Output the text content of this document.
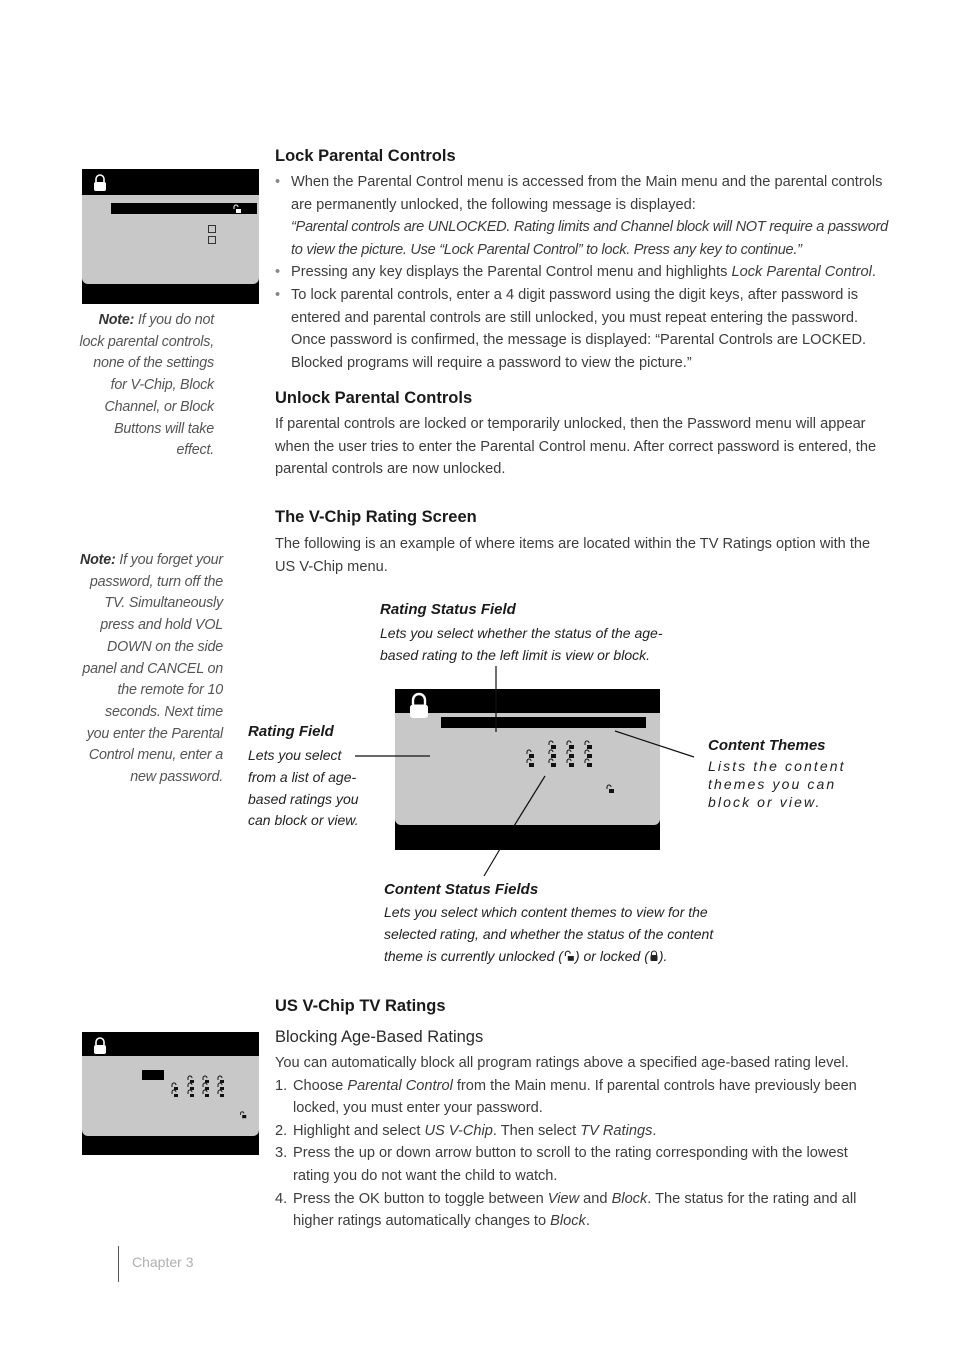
Note: If you do not lock parental controls, none of the settings for V-Chip, Block Channel, or Block Buttons will take effect.
Note: If you forget your password, turn off the TV. Simultaneously press and hold VOL DOWN on the side panel and CANCEL on the remote for 10 seconds. Next time you enter the Parental Control menu, enter a new password.
Lock Parental Controls
• When the Parental Control menu is accessed from the Main menu and the parental controls are permanently unlocked, the following message is displayed:
“Parental controls are UNLOCKED. Rating limits and Channel block will NOT require a password to view the picture. Use “Lock Parental Control” to lock. Press any key to continue.”
• Pressing any key displays the Parental Control menu and highlights Lock Parental Control.
• To lock parental controls, enter a 4 digit password using the digit keys, after password is entered and parental controls are still unlocked, you must repeat entering the password. Once password is confirmed, the message is displayed: “Parental Controls are LOCKED. Blocked programs will require a password to view the picture.”
Unlock Parental Controls

If parental controls are locked or temporarily unlocked, then the Password menu will appear when the user tries to enter the Parental Control menu. After correct password is entered, the parental controls are now unlocked.

The V-Chip Rating Screen

The following is an example of where items are located within the TV Ratings option with the US V-Chip menu.

Rating Status Field

Lets you select whether the status of the age-based rating to the left limit is view or block.

Rating Field

Lets you select from a list of age-based ratings you can block or view.

Content Themes

Lists the content themes you can block or view.

Content Status Fields

Lets you select which content themes to view for the selected rating, and whether the status of the content theme is currently unlocked ( ) or locked ( ).

US V-Chip TV Ratings

Blocking Age-Based Ratings

You can automatically block all program ratings above a specified age-based rating level.

1. Choose Parental Control from the Main menu. If parental controls have previously been locked, you must enter your password.
2. Highlight and select US V-Chip. Then select TV Ratings.
3. Press the up or down arrow button to scroll to the rating corresponding with the lowest rating you do not want the child to watch.
4. Press the OK button to toggle between View and Block. The status for the rating and all higher ratings automatically changes to Block.
Chapter 3
